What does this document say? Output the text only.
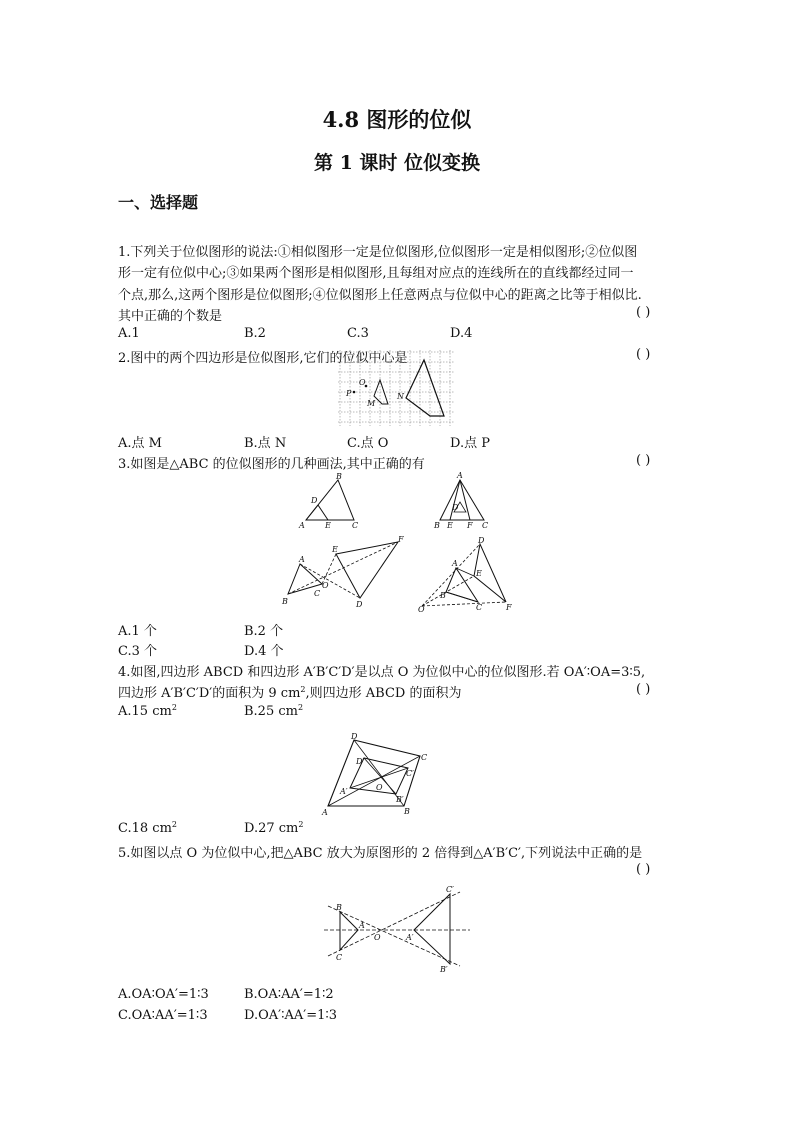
4.8 图形的位似
第 1 课时 位似变换
一、选择题
1.下列关于位似图形的说法:①相似图形一定是位似图形,位似图形一定是相似图形;②位似图
形一定有位似中心;③如果两个图形是相似图形,且每组对应点的连线所在的直线都经过同一
个点,那么,这两个图形是位似图形;④位似图形上任意两点与位似中心的距离之比等于相似比.
其中正确的个数是	( )
A.1	B.2	C.3	D.4
2.图中的两个四边形是位似图形,它们的位似中心是	( )
P
O
M
N
A.点 M	B.点 N	C.点 O	D.点 P
3.如图是△ABC 的位似图形的几种画法,其中正确的有	( )
A
B
C
D
E
A
B E F C
D
A
B
C
O
E
F
D
O
A
B
C
D
E
F
A.1 个	B.2 个
C.3 个	D.4 个
4.如图,四边形 ABCD 和四边形 A′B′C′D′是以点 O 为位似中心的位似图形.若 OA′∶OA=3∶5,
四边形 A′B′C′D′的面积为 9 $cm^2$,则四边形 ABCD 的面积为	( )
A.15 $cm^2$	B.25 $cm^2$
A
D
C
B
D′
C′
A′
B′
O
C.18 $cm^2$	D.27 $cm^2$
5.如图以点 O 为位似中心,把△ABC 放大为原图形的 2 倍得到△A′B′C′,下列说法中正确的是
( )
B
A
C
O	A′
C′
B′
A.OA∶OA′=1∶3	B.OA∶AA′=1∶2
C.OA∶AA′=1∶3	D.OA′∶AA′=1∶3
